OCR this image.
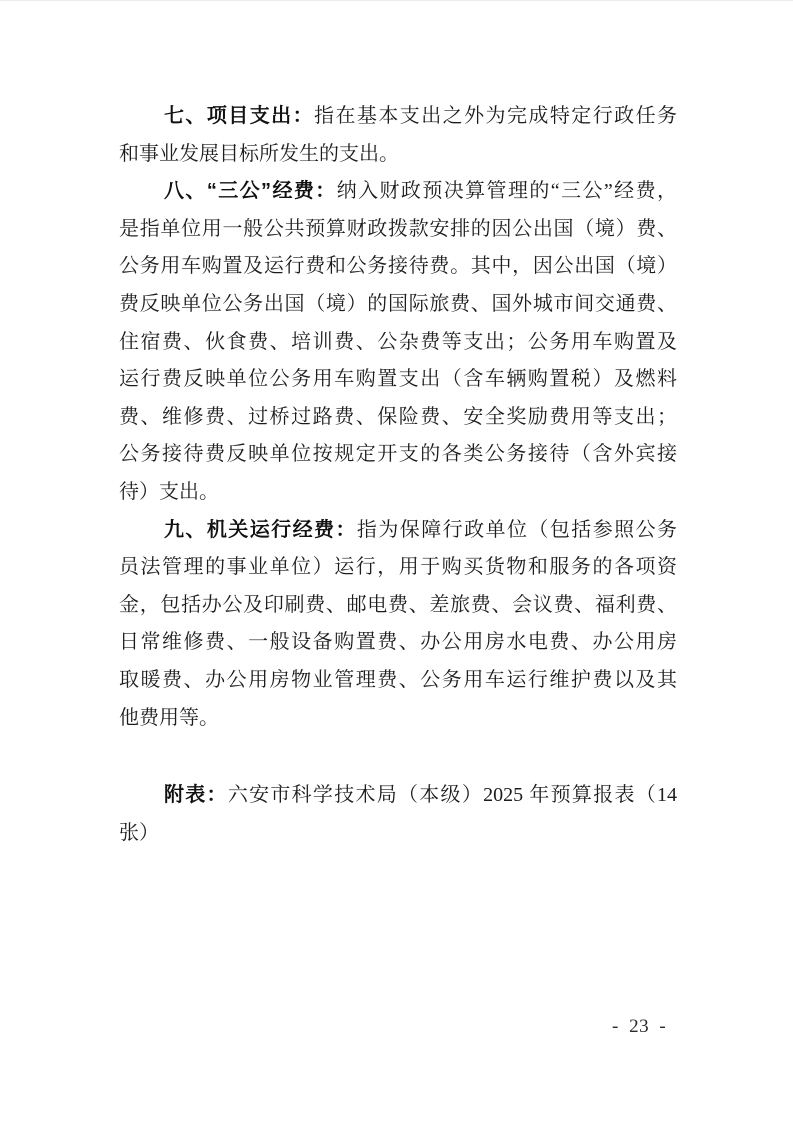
七、项目支出：指在基本支出之外为完成特定行政任务
和事业发展目标所发生的支出。
八、“三公”经费：纳入财政预决算管理的“三公”经费，
是指单位用一般公共预算财政拨款安排的因公出国（境）费、
公务用车购置及运行费和公务接待费。其中，因公出国（境）
费反映单位公务出国（境）的国际旅费、国外城市间交通费、
住宿费、伙食费、培训费、公杂费等支出；公务用车购置及
运行费反映单位公务用车购置支出（含车辆购置税）及燃料
费、维修费、过桥过路费、保险费、安全奖励费用等支出；
公务接待费反映单位按规定开支的各类公务接待（含外宾接
待）支出。
九、机关运行经费：指为保障行政单位（包括参照公务
员法管理的事业单位）运行，用于购买货物和服务的各项资
金，包括办公及印刷费、邮电费、差旅费、会议费、福利费、
日常维修费、一般设备购置费、办公用房水电费、办公用房
取暖费、办公用房物业管理费、公务用车运行维护费以及其
他费用等。
附表：六安市科学技术局（本级）2025 年预算报表（14
张）
- 23 -
